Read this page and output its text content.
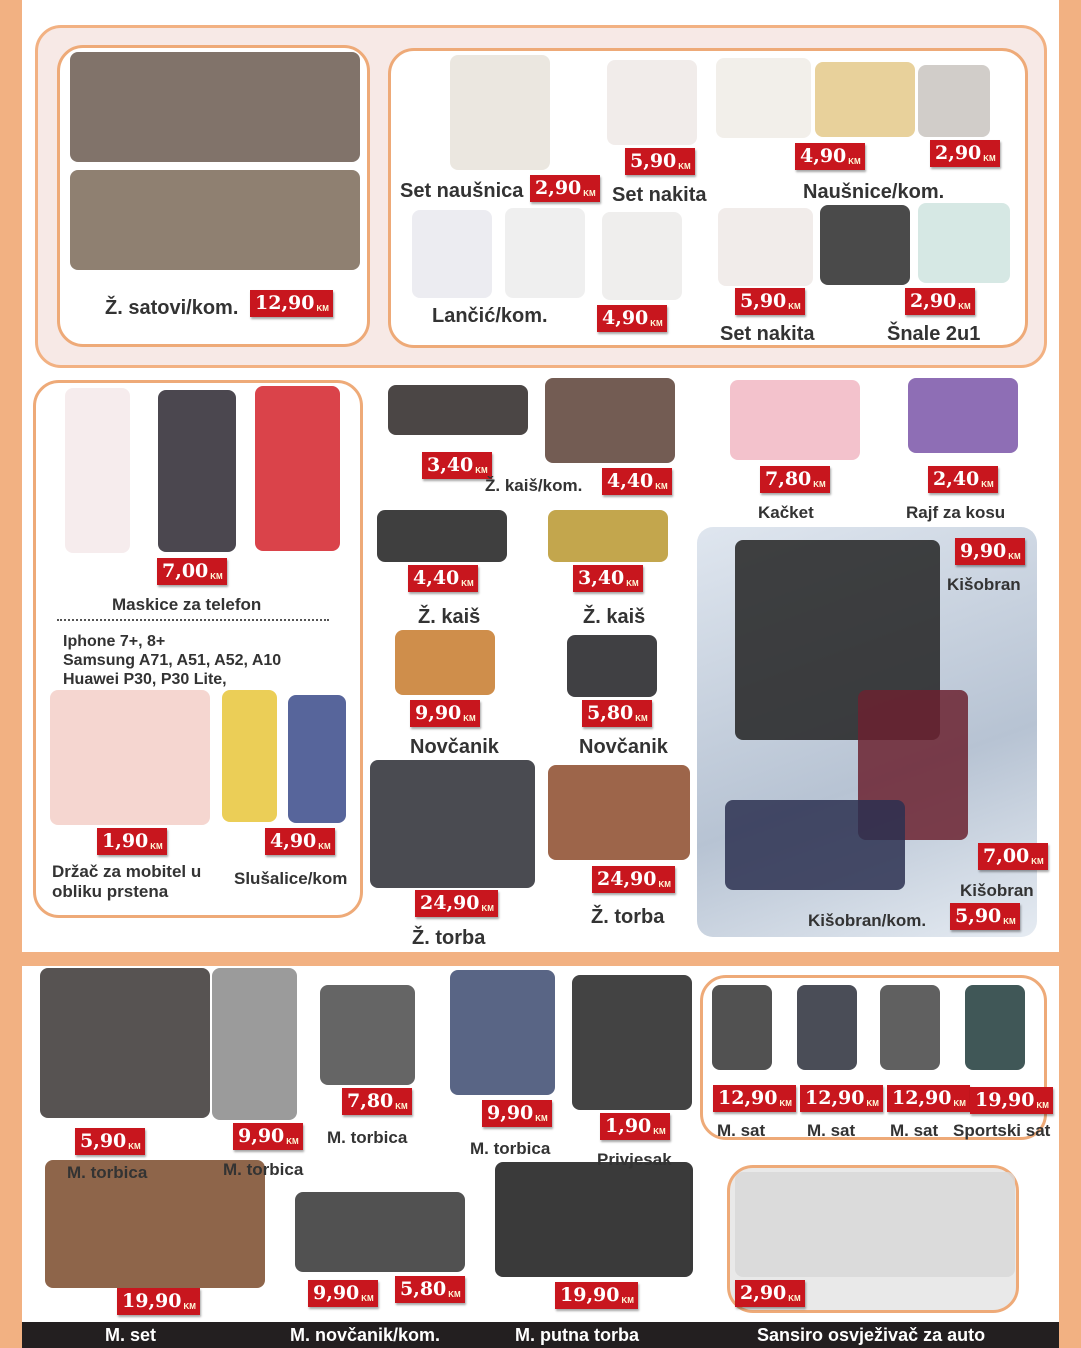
Iphone 7+, 8+
Samsung A71, A51, A52, A10
Huawei P30, P30 Lite,
12,90 KM
Ž. satovi/kom.
2,90 KM
Set naušnica
5,90 KM
Set nakita
4,90 KM
Naušnice/kom.
4,90 KM
Lančić/kom.
5,90 KM
Set nakita
2,90 KM
Šnale 2u1
7,00 KM
Maskice za telefon
4,90 KM
Slušalice/kom
3,40 KM
Ž. kaiš/kom.	7,80 KM
Kačket
2,40 KM
Rajf za kosu
4,40 KM
Ž. kaiš
3,40 KM
Ž. kaiš
9,90 KM
Novčanik
5,80 KM
Novčanik
24,90 KM
Ž. torba
24,90 KM
Ž. torba
9,90 KM
Kišobran
7,00 KM
Kišobran
5,90 KM
Kišobran/kom.
5,90 KM
M. torbica
9,90 KM
M. torbica
7,80 KM
M. torbica
9,90 KM
M. torbica
1,90 KM
Privjesak
12,90 KM
M. sat
12,90 KM
M. sat
12,90 KM
M. sat
19,90 KM
Sportski sat
19,90 KM
9,90 KM	19,90 KM	2,90 KM
2,90 KM
4,40 KM
5,80 KM
Držač za mobitel u obliku prstena
1,90 KM
M. set	M. novčanik/kom.	M. putna torba	Sansiro osvježivač za auto
